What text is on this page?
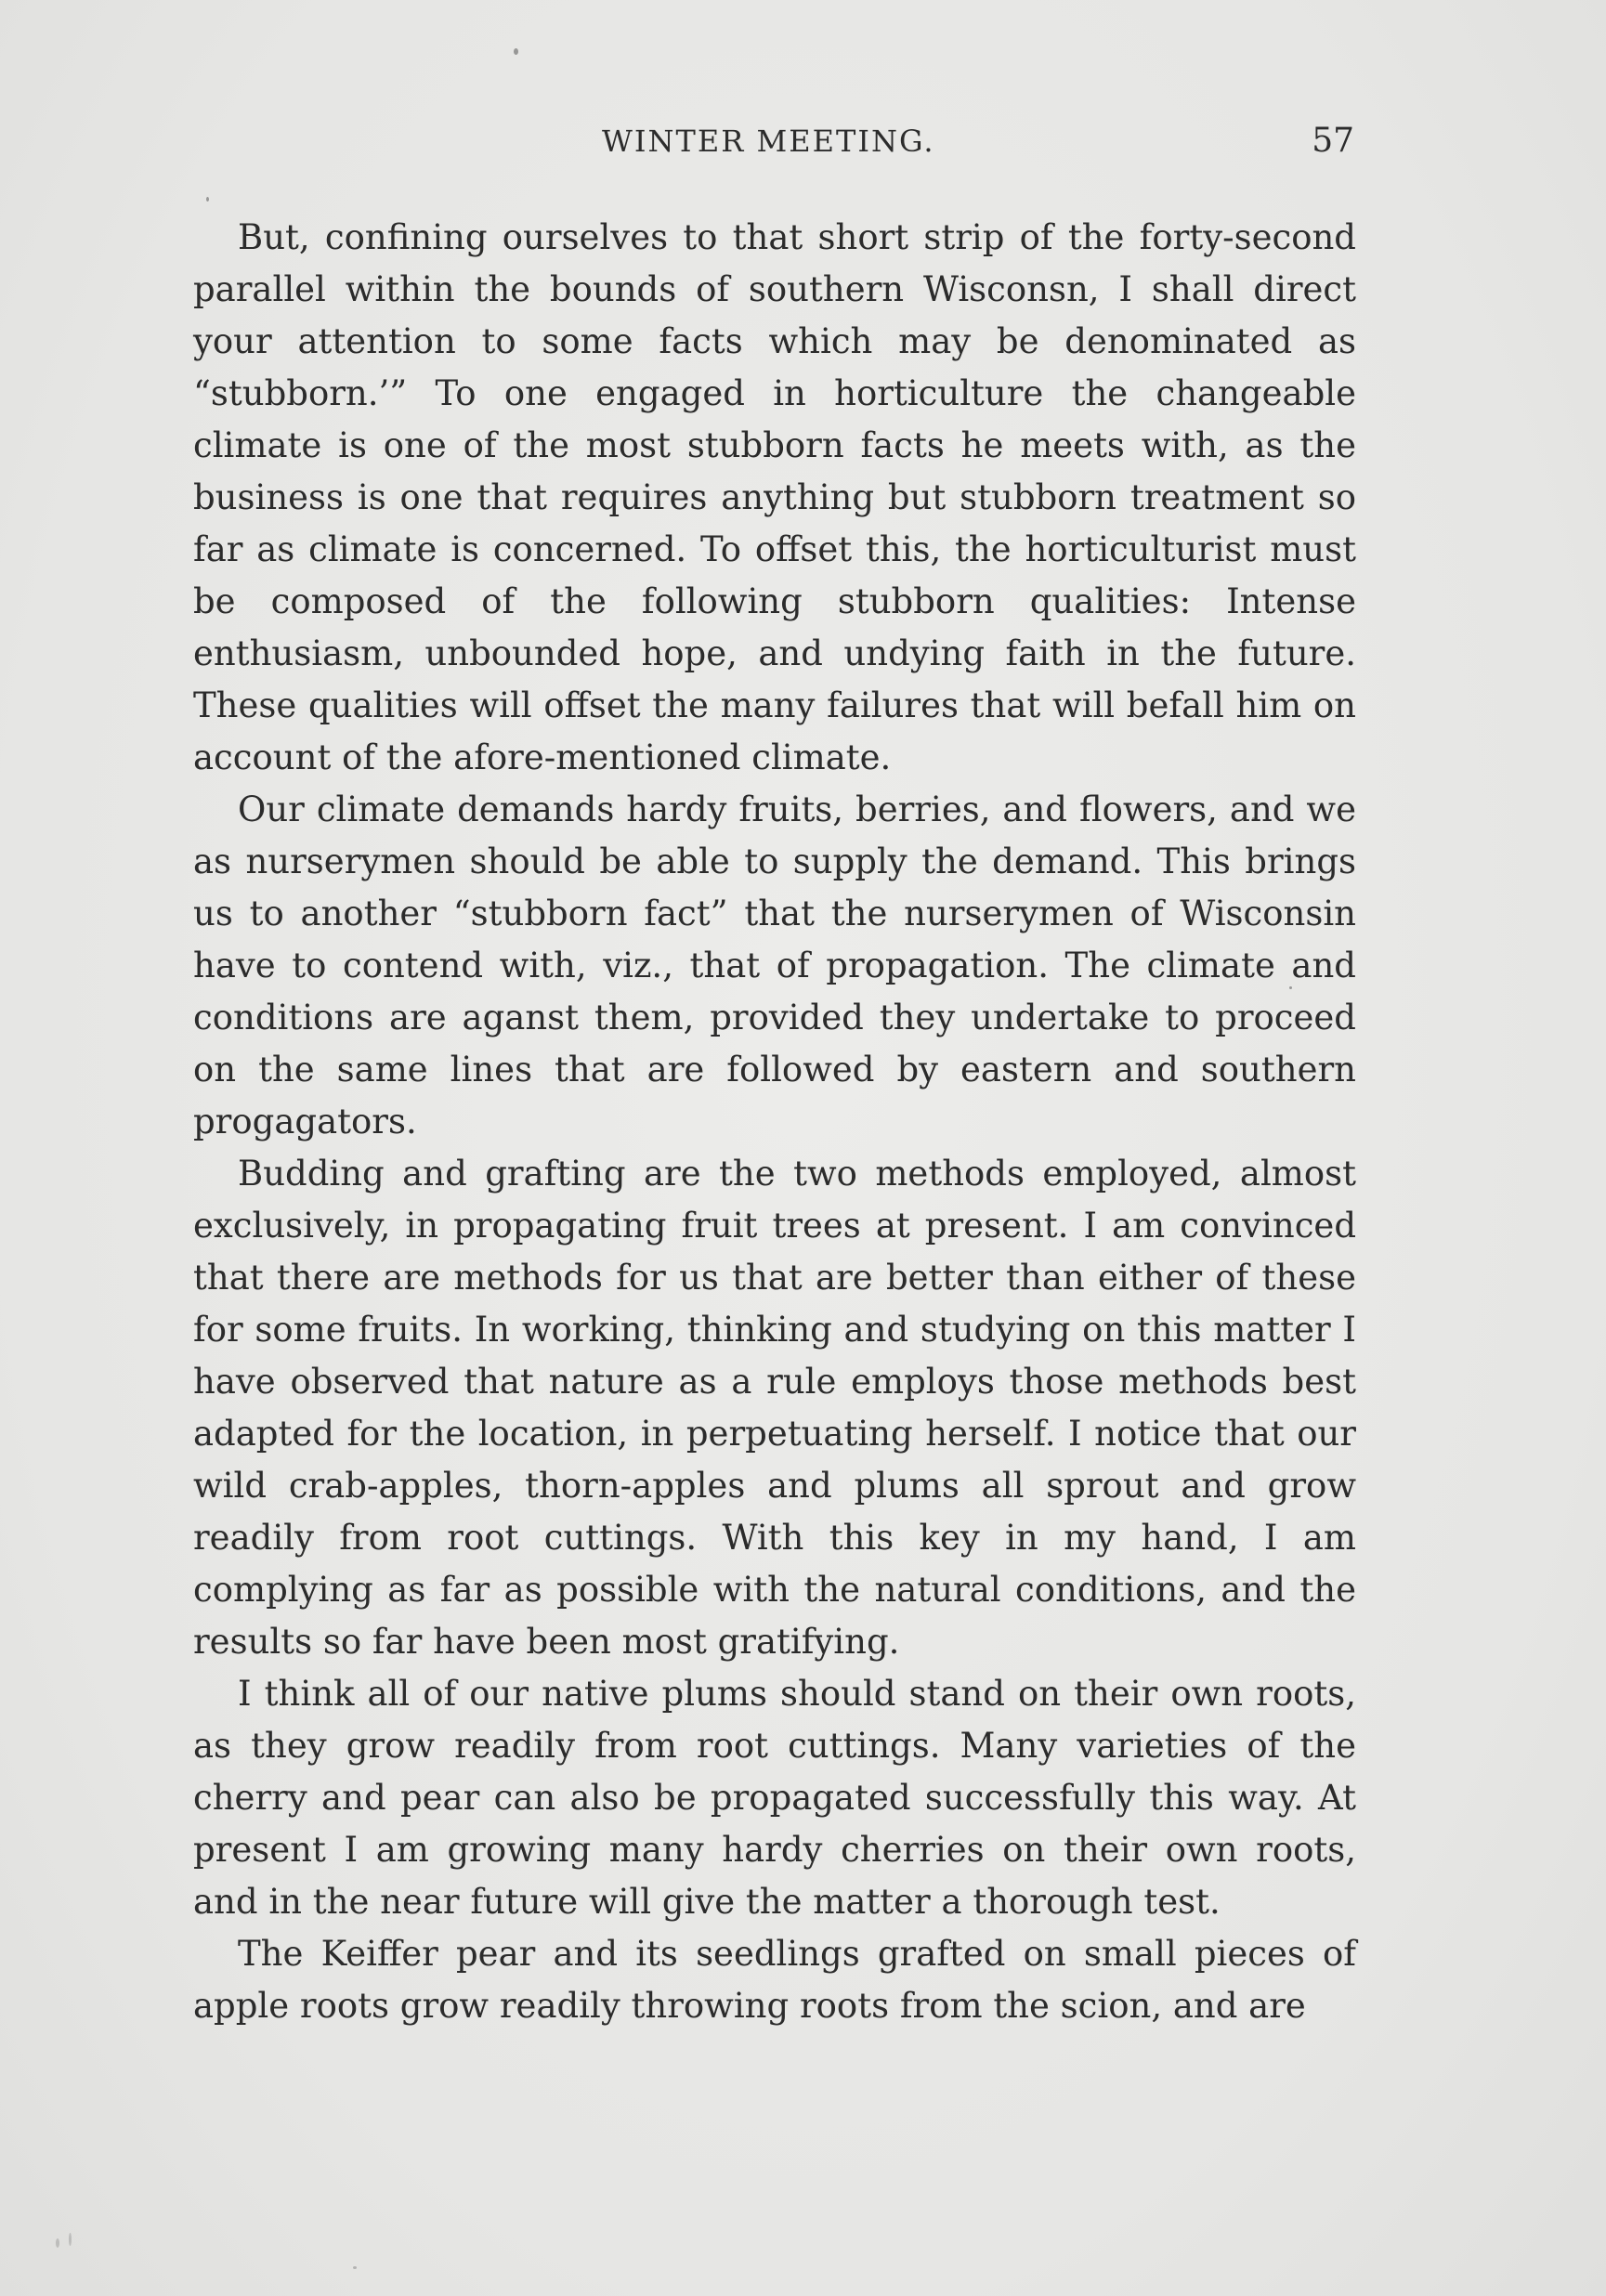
WINTER MEETING.	57

But, confining ourselves to that short strip of the forty-second parallel within the bounds of southern Wisconsn, I shall direct your attention to some facts which may be denominated as “stubborn.’” To one engaged in horticulture the changeable climate is one of the most stubborn facts he meets with, as the business is one that requires anything but stubborn treatment so far as climate is concerned. To offset this, the horticulturist must be composed of the following stubborn qualities: Intense enthusiasm, unbounded hope, and undying faith in the future. These qualities will offset the many failures that will befall him on account of the afore-mentioned climate.

Our climate demands hardy fruits, berries, and flowers, and we as nurserymen should be able to supply the demand. This brings us to another “stubborn fact” that the nurserymen of Wisconsin have to contend with, viz., that of propagation. The climate and conditions are aganst them, provided they undertake to proceed on the same lines that are followed by eastern and southern progagators.

Budding and grafting are the two methods employed, almost exclusively, in propagating fruit trees at present. I am convinced that there are methods for us that are better than either of these for some fruits. In working, thinking and studying on this matter I have observed that nature as a rule employs those methods best adapted for the location, in perpetuating herself. I notice that our wild crab-apples, thorn-apples and plums all sprout and grow readily from root cuttings. With this key in my hand, I am complying as far as possible with the natural conditions, and the results so far have been most gratifying.

I think all of our native plums should stand on their own roots, as they grow readily from root cuttings. Many varieties of the cherry and pear can also be propagated successfully this way. At present I am growing many hardy cherries on their own roots, and in the near future will give the matter a thorough test.

The Keiffer pear and its seedlings grafted on small pieces of apple roots grow readily throwing roots from the scion, and are
